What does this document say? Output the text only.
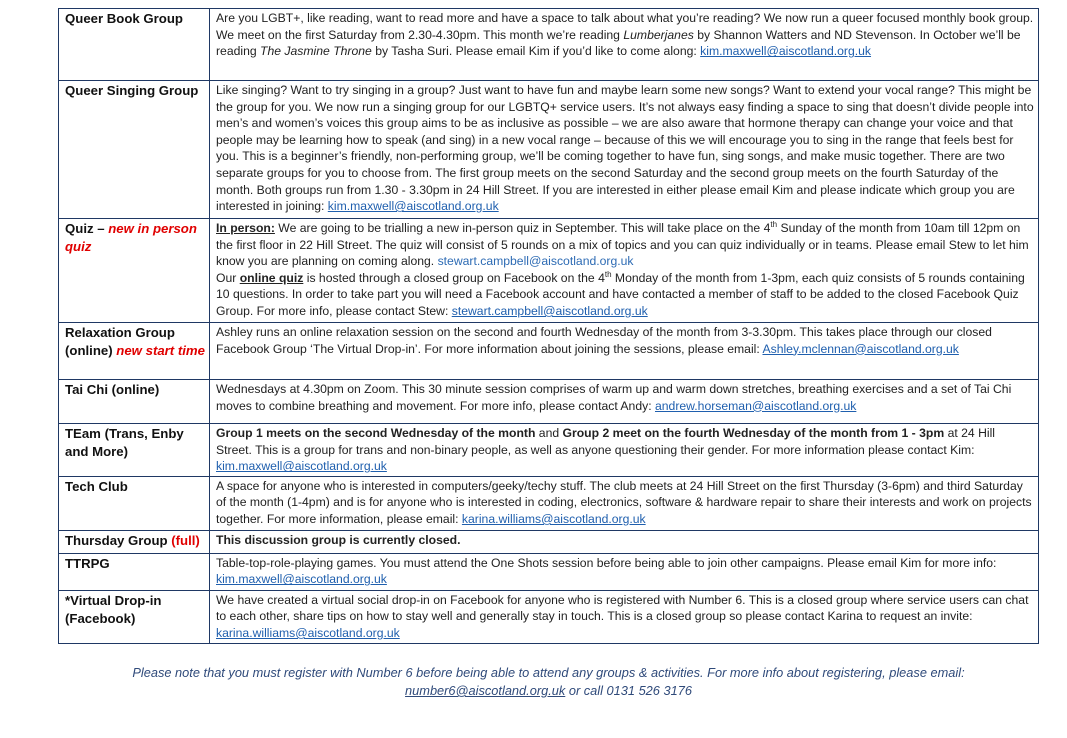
Queer Book Group	Are you LGBT+, like reading, want to read more and have a space to talk about what you’re reading? We now run a queer focused monthly book group. We meet on the first Saturday from 2.30-4.30pm. This month we’re reading Lumberjanes by Shannon Watters and ND Stevenson. In October we’ll be reading The Jasmine Throne by Tasha Suri. Please email Kim if you’d like to come along: kim.maxwell@aiscotland.org.uk
Queer Singing Group	Like singing? Want to try singing in a group? Just want to have fun and maybe learn some new songs? Want to extend your vocal range? This might be the group for you. We now run a singing group for our LGBTQ+ service users. It’s not always easy finding a space to sing that doesn’t divide people into men’s and women’s voices this group aims to be as inclusive as possible – we are also aware that hormone therapy can change your voice and that people may be learning how to speak (and sing) in a new vocal range – because of this we will encourage you to sing in the range that feels best for you. This is a beginner’s friendly, non-performing group, we’ll be coming together to have fun, sing songs, and make music together. There are two separate groups for you to choose from. The first group meets on the second Saturday and the second group meets on the fourth Saturday of the month. Both groups run from 1.30 - 3.30pm in 24 Hill Street. If you are interested in either please email Kim and please indicate which group you are interested in joining: kim.maxwell@aiscotland.org.uk
Quiz – new in person quiz	In person: We are going to be trialling a new in-person quiz in September. This will take place on the 4th Sunday of the month from 10am till 12pm on the first floor in 22 Hill Street. The quiz will consist of 5 rounds on a mix of topics and you can quiz individually or in teams. Please email Stew to let him know you are planning on coming along. stewart.campbell@aiscotland.org.uk
Our online quiz is hosted through a closed group on Facebook on the 4th Monday of the month from 1-3pm, each quiz consists of 5 rounds containing 10 questions. In order to take part you will need a Facebook account and have contacted a member of staff to be added to the closed Facebook Quiz Group. For more info, please contact Stew: stewart.campbell@aiscotland.org.uk
Relaxation Group (online) new start time	Ashley runs an online relaxation session on the second and fourth Wednesday of the month from 3-3.30pm. This takes place through our closed Facebook Group ‘The Virtual Drop-in’. For more information about joining the sessions, please email: Ashley.mclennan@aiscotland.org.uk
Tai Chi (online)	Wednesdays at 4.30pm on Zoom. This 30 minute session comprises of warm up and warm down stretches, breathing exercises and a set of Tai Chi moves to combine breathing and movement. For more info, please contact Andy: andrew.horseman@aiscotland.org.uk
TEam (Trans, Enby and More)	Group 1 meets on the second Wednesday of the month and Group 2 meet on the fourth Wednesday of the month from 1 - 3pm at 24 Hill Street. This is a group for trans and non-binary people, as well as anyone questioning their gender. For more information please contact Kim: kim.maxwell@aiscotland.org.uk
Tech Club	A space for anyone who is interested in computers/geeky/techy stuff. The club meets at 24 Hill Street on the first Thursday (3-6pm) and third Saturday of the month (1-4pm) and is for anyone who is interested in coding, electronics, software & hardware repair to share their interests and work on projects together. For more information, please email: karina.williams@aiscotland.org.uk
Thursday Group (full)	This discussion group is currently closed.
TTRPG	Table-top-role-playing games. You must attend the One Shots session before being able to join other campaigns. Please email Kim for more info: kim.maxwell@aiscotland.org.uk
*Virtual Drop-in (Facebook)	We have created a virtual social drop-in on Facebook for anyone who is registered with Number 6. This is a closed group where service users can chat to each other, share tips on how to stay well and generally stay in touch. This is a closed group so please contact Karina to request an invite: karina.williams@aiscotland.org.uk
Please note that you must register with Number 6 before being able to attend any groups & activities. For more info about registering, please email: number6@aiscotland.org.uk or call 0131 526 3176
